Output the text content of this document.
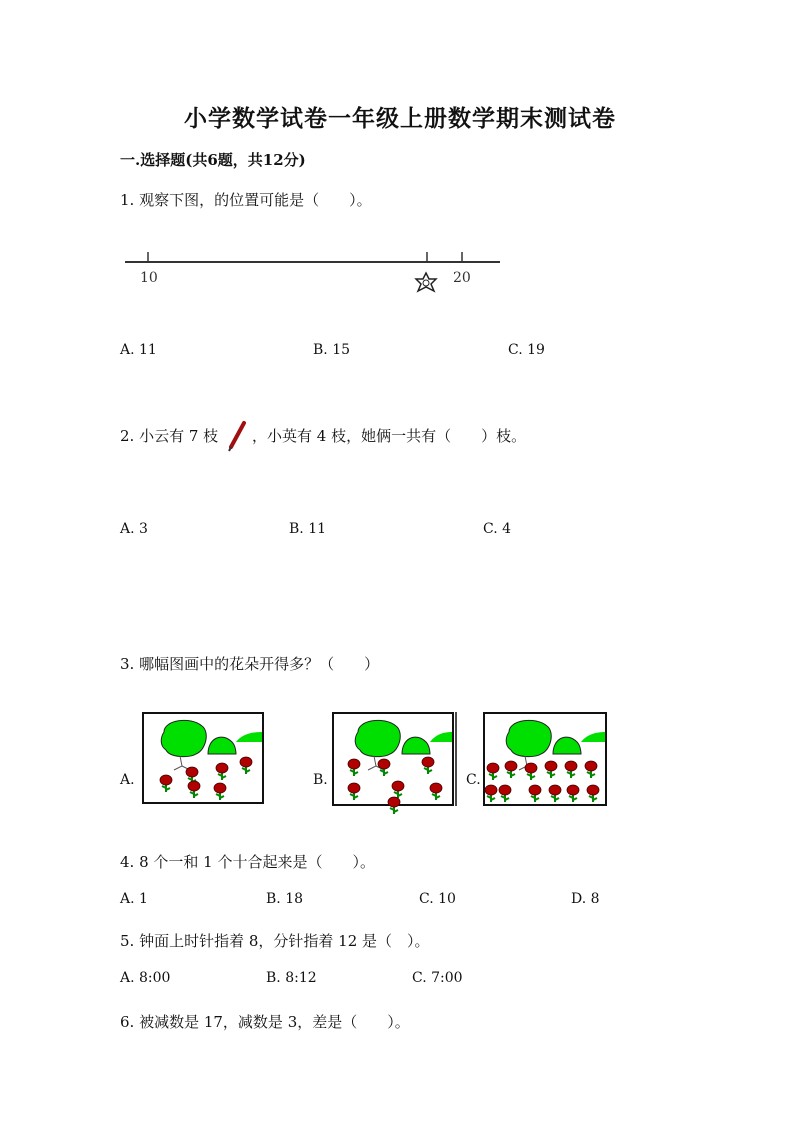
小学数学试卷一年级上册数学期末测试卷
一.选择题(共6题，共12分)
1. 观察下图，的位置可能是（　　）。
10	20
A. 11	B. 15	C. 19
2. 小云有 7 枝 ，小英有 4 枝，她俩一共有（　　）枝。
A. 3	B. 11	C. 4
3. 哪幅图画中的花朵开得多？（　　）
A.	B.	C.
4. 8 个一和 1 个十合起来是（　　）。
A. 1	B. 18	C. 10	D. 8
5. 钟面上时针指着 8，分针指着 12 是（　）。
A. 8:00	B. 8:12	C. 7:00
6. 被减数是 17，减数是 3，差是（　　）。
